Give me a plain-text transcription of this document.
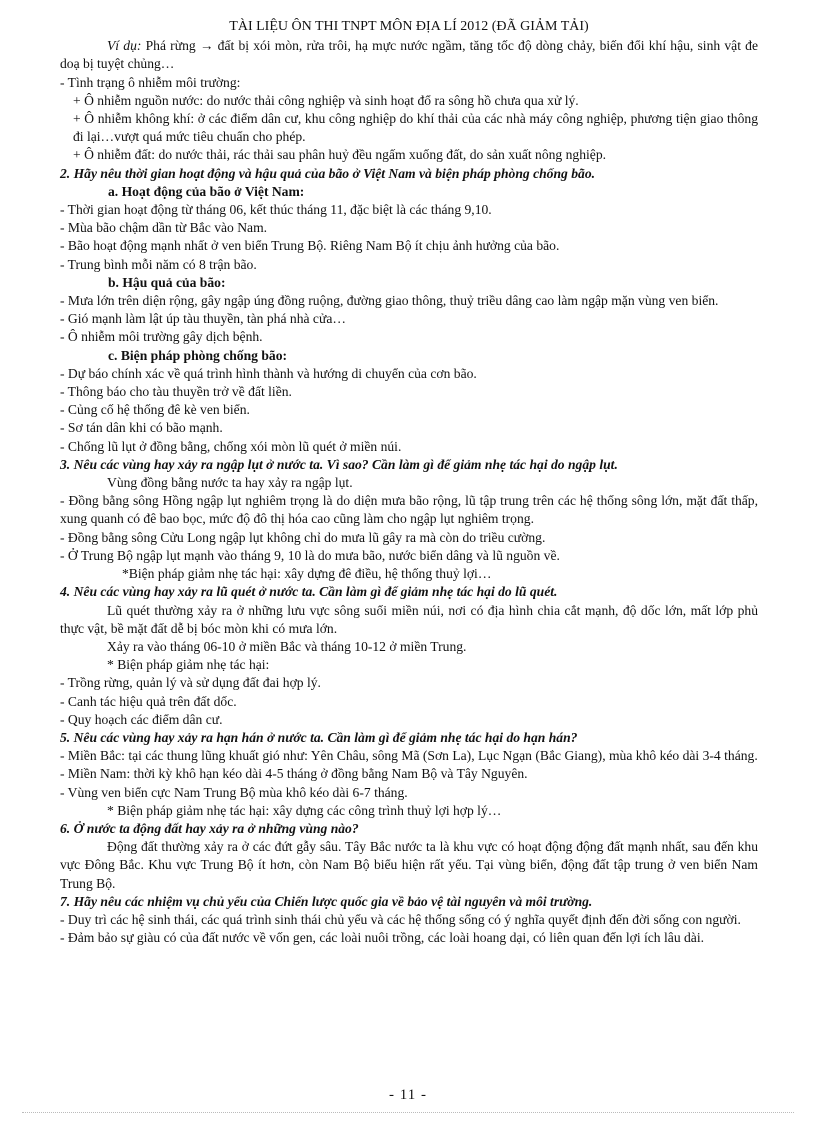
TÀI LIỆU ÔN THI TNPT MÔN ĐỊA LÍ 2012 (ĐÃ GIẢM TẢI)

Ví dụ: Phá rừng → đất bị xói mòn, rửa trôi, hạ mực nước ngầm, tăng tốc độ dòng chảy, biến đổi khí hậu, sinh vật đe doạ bị tuyệt chủng…

- Tình trạng ô nhiễm môi trường:

+ Ô nhiễm nguồn nước: do nước thải công nghiệp và sinh hoạt đổ ra sông hồ chưa qua xử lý.

+ Ô nhiễm không khí: ở các điểm dân cư, khu công nghiệp do khí thải của các nhà máy công nghiệp, phương tiện giao thông đi lại…vượt quá mức tiêu chuẩn cho phép.

+ Ô nhiễm đất: do nước thải, rác thải sau phân huỷ đều ngấm xuống đất, do sản xuất nông nghiệp.

2. Hãy nêu thời gian hoạt động và hậu quả của bão ở Việt Nam và biện pháp phòng chống bão.

a. Hoạt động của bão ở Việt Nam:

- Thời gian hoạt động từ tháng 06, kết thúc tháng 11, đặc biệt là các tháng 9,10.

- Mùa bão chậm dần từ Bắc vào Nam.

- Bão hoạt động mạnh nhất ở ven biển Trung Bộ. Riêng Nam Bộ ít chịu ảnh hưởng của bão.

- Trung bình mỗi năm có 8 trận bão.

b. Hậu quả của bão:

- Mưa lớn trên diện rộng, gây ngập úng đồng ruộng, đường giao thông, thuỷ triều dâng cao làm ngập mặn vùng ven biển.

- Gió mạnh làm lật úp tàu thuyền, tàn phá nhà cửa…

- Ô nhiễm môi trường gây dịch bệnh.

c. Biện pháp phòng chống bão:

- Dự báo chính xác về quá trình hình thành và hướng di chuyển của cơn bão.

- Thông báo cho tàu thuyền trở về đất liền.

- Củng cố hệ thống đê kè ven biển.

- Sơ tán dân khi có bão mạnh.

- Chống lũ lụt ở đồng bằng, chống xói mòn lũ quét ở miền núi.

3. Nêu các vùng hay xảy ra ngập lụt ở nước ta. Vì sao? Cần làm gì để giảm nhẹ tác hại do ngập lụt.

Vùng đồng bằng nước ta hay xảy ra ngập lụt.

- Đồng bằng sông Hồng ngập lụt nghiêm trọng là do diện mưa bão rộng, lũ tập trung trên các hệ thống sông lớn, mặt đất thấp, xung quanh có đê bao bọc, mức độ đô thị hóa cao cũng làm cho ngập lụt nghiêm trọng.

- Đồng bằng sông Cửu Long ngập lụt không chỉ do mưa lũ gây ra mà còn do triều cường.

- Ở Trung Bộ ngập lụt mạnh vào tháng 9, 10 là do mưa bão, nước biển dâng và lũ nguồn về.

*Biện pháp giảm nhẹ tác hại: xây dựng đê điều, hệ thống thuỷ lợi…

4. Nêu các vùng hay xảy ra lũ quét ở nước ta. Cần làm gì để giảm nhẹ tác hại do lũ quét.

Lũ quét thường xảy ra ở những lưu vực sông suối miền núi, nơi có địa hình chia cắt mạnh, độ dốc lớn, mất lớp phủ thực vật, bề mặt đất dễ bị bóc mòn khi có mưa lớn.

Xảy ra vào tháng 06-10 ở miền Bắc và tháng 10-12 ở miền Trung.

* Biện pháp giảm nhẹ tác hại:

- Trồng rừng, quản lý và sử dụng đất đai hợp lý.

- Canh tác hiệu quả trên đất dốc.

- Quy hoạch các điểm dân cư.

5. Nêu các vùng hay xảy ra hạn hán ở nước ta. Cần làm gì để giảm nhẹ tác hại do hạn hán?

- Miền Bắc: tại các thung lũng khuất gió như: Yên Châu, sông Mã (Sơn La), Lục Ngạn (Bắc Giang), mùa khô kéo dài 3-4 tháng.

- Miền Nam: thời kỳ khô hạn kéo dài 4-5 tháng ở đồng bằng Nam Bộ và Tây Nguyên.

- Vùng ven biển cực Nam Trung Bộ mùa khô kéo dài 6-7 tháng.

* Biện pháp giảm nhẹ tác hại: xây dựng các công trình thuỷ lợi hợp lý…

6. Ở nước ta động đất hay xảy ra ở những vùng nào?

Động đất thường xảy ra ở các đứt gẫy sâu. Tây Bắc nước ta là khu vực có hoạt động động đất mạnh nhất, sau đến khu vực Đông Bắc. Khu vực Trung Bộ ít hơn, còn Nam Bộ biểu hiện rất yếu. Tại vùng biển, động đất tập trung ở ven biển Nam Trung Bộ.

7. Hãy nêu các nhiệm vụ chủ yếu của Chiến lược quốc gia về bảo vệ tài nguyên và môi trường.

- Duy trì các hệ sinh thái, các quá trình sinh thái chủ yếu và các hệ thống sống có ý nghĩa quyết định đến đời sống con người.

- Đảm bảo sự giàu có của đất nước về vốn gen, các loài nuôi trồng, các loài hoang dại, có liên quan đến lợi ích lâu dài.

- 11 -
